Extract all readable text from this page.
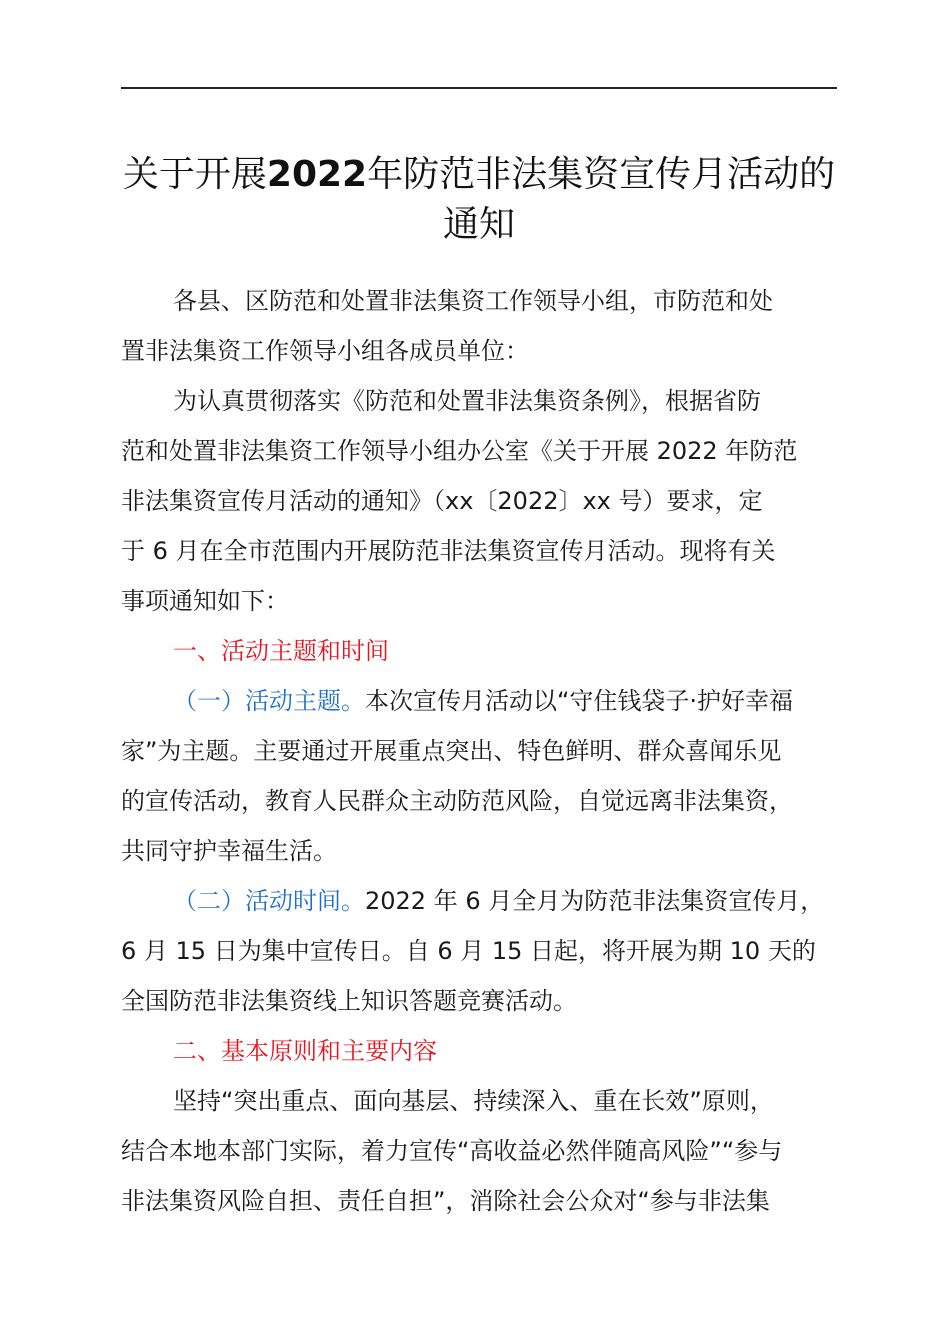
关于开展2022年防范非法集资宣传月活动的
通知

各县、区防范和处置非法集资工作领导小组，市防范和处

置非法集资工作领导小组各成员单位：

为认真贯彻落实《防范和处置非法集资条例》，根据省防

范和处置非法集资工作领导小组办公室《关于开展 2022 年防范

非法集资宣传月活动的通知》（xx〔2022〕xx 号）要求，定

于 6 月在全市范围内开展防范非法集资宣传月活动。现将有关

事项通知如下：

一、活动主题和时间

（一）活动主题。本次宣传月活动以“守住钱袋子·护好幸福

家”为主题。主要通过开展重点突出、特色鲜明、群众喜闻乐见

的宣传活动，教育人民群众主动防范风险，自觉远离非法集资，

共同守护幸福生活。

（二）活动时间。2022 年 6 月全月为防范非法集资宣传月，

6 月 15 日为集中宣传日。自 6 月 15 日起，将开展为期 10 天的

全国防范非法集资线上知识答题竞赛活动。

二、基本原则和主要内容

坚持“突出重点、面向基层、持续深入、重在长效”原则，

结合本地本部门实际，着力宣传“高收益必然伴随高风险”“参与

非法集资风险自担、责任自担”，消除社会公众对“参与非法集
